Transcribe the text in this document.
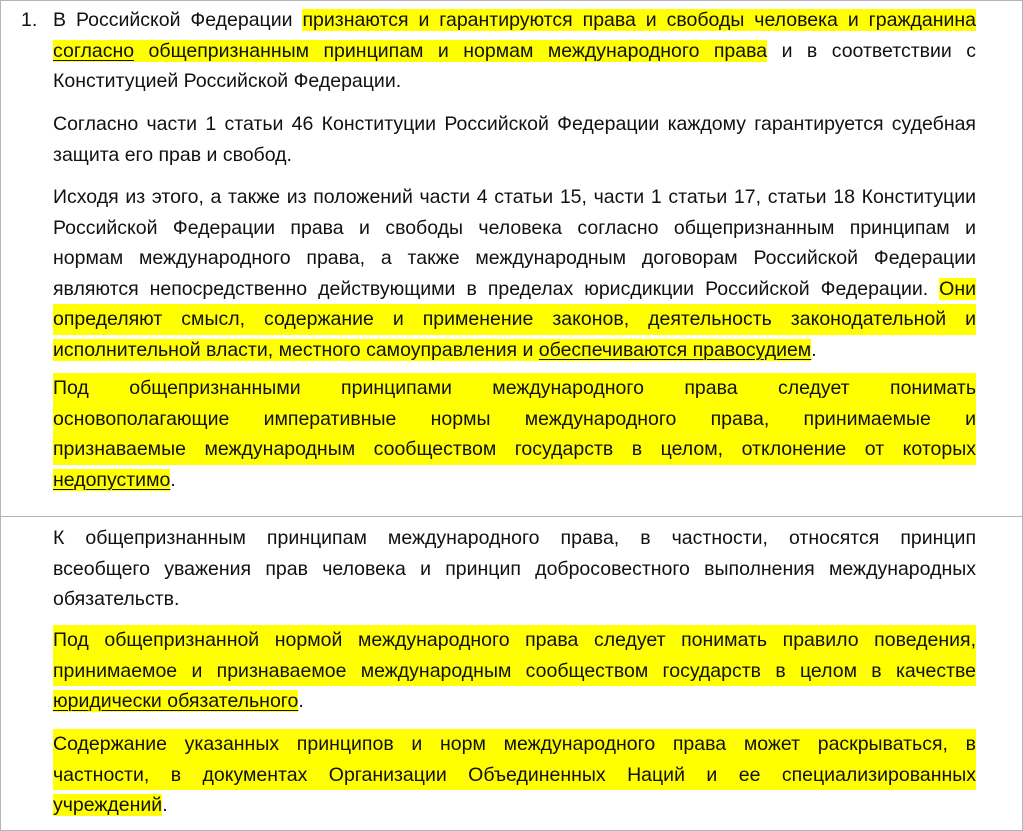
1. В Российской Федерации признаются и гарантируются права и свободы человека и гражданина
согласно общепризнанным принципам и нормам международного права и в соответствии с
Конституцией Российской Федерации.
Согласно части 1 статьи 46 Конституции Российской Федерации каждому гарантируется судебная
защита его прав и свобод.
Исходя из этого, а также из положений части 4 статьи 15, части 1 статьи 17, статьи 18 Конституции
Российской Федерации права и свободы человека согласно общепризнанным принципам и
нормам международного права, а также международным договорам Российской Федерации
являются непосредственно действующими в пределах юрисдикции Российской Федерации. Они
определяют смысл, содержание и применение законов, деятельность законодательной и
исполнительной власти, местного самоуправления и обеспечиваются правосудием.
Под общепризнанными принципами международного права следует понимать
основополагающие императивные нормы международного права, принимаемые и
признаваемые международным сообществом государств в целом, отклонение от которых
недопустимо.
К общепризнанным принципам международного права, в частности, относятся принцип
всеобщего уважения прав человека и принцип добросовестного выполнения международных
обязательств.
Под общепризнанной нормой международного права следует понимать правило поведения,
принимаемое и признаваемое международным сообществом государств в целом в качестве
юридически обязательного.
Содержание указанных принципов и норм международного права может раскрываться, в
частности, в документах Организации Объединенных Наций и ее специализированных
учреждений.
